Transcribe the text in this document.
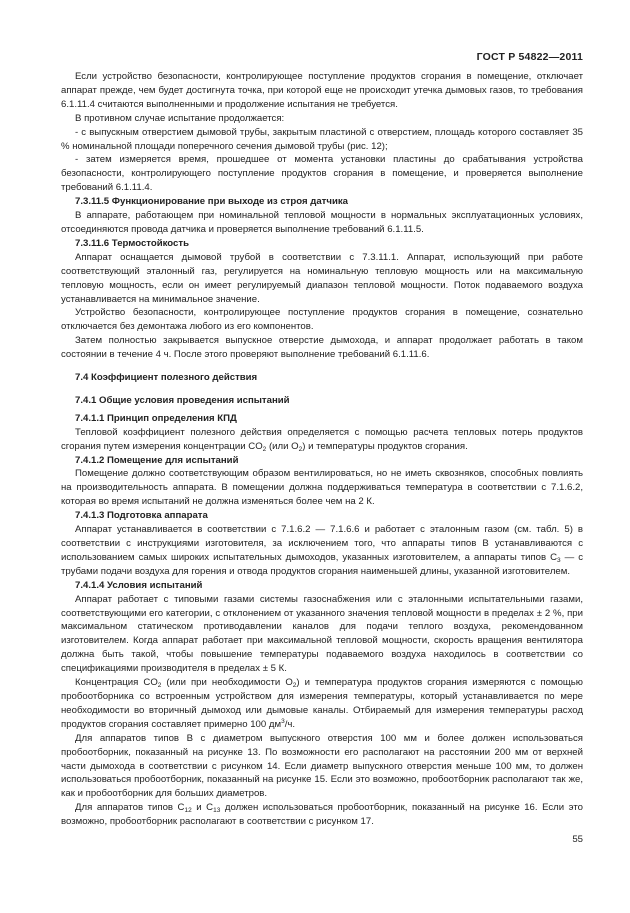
ГОСТ Р 54822—2011

Если устройство безопасности, контролирующее поступление продуктов сгорания в помещение, отключает аппарат прежде, чем будет достигнута точка, при которой еще не происходит утечка дымовых газов, то требования 6.1.11.4 считаются выполненными и продолжение испытания не требуется.

В противном случае испытание продолжается:

- с выпускным отверстием дымовой трубы, закрытым пластиной с отверстием, площадь которого составляет 35 % номинальной площади поперечного сечения дымовой трубы (рис. 12);

- затем измеряется время, прошедшее от момента установки пластины до срабатывания устройства безопасности, контролирующего поступление продуктов сгорания в помещение, и проверяется выполнение требований 6.1.11.4.

7.3.11.5 Функционирование при выходе из строя датчика

В аппарате, работающем при номинальной тепловой мощности в нормальных эксплуатационных условиях, отсоединяются провода датчика и проверяется выполнение требований 6.1.11.5.

7.3.11.6 Термостойкость

Аппарат оснащается дымовой трубой в соответствии с 7.3.11.1. Аппарат, использующий при работе соответствующий эталонный газ, регулируется на номинальную тепловую мощность или на максимальную тепловую мощность, если он имеет регулируемый диапазон тепловой мощности. Поток подаваемого воздуха устанавливается на минимальное значение.

Устройство безопасности, контролирующее поступление продуктов сгорания в помещение, сознательно отключается без демонтажа любого из его компонентов.

Затем полностью закрывается выпускное отверстие дымохода, и аппарат продолжает работать в таком состоянии в течение 4 ч. После этого проверяют выполнение требований 6.1.11.6.

7.4 Коэффициент полезного действия

7.4.1 Общие условия проведения испытаний

7.4.1.1 Принцип определения КПД

Тепловой коэффициент полезного действия определяется с помощью расчета тепловых потерь продуктов сгорания путем измерения концентрации $CO_2$ (или $O_2$) и температуры продуктов сгорания.

7.4.1.2 Помещение для испытаний

Помещение должно соответствующим образом вентилироваться, но не иметь сквозняков, способных повлиять на производительность аппарата. В помещении должна поддерживаться температура в соответствии с 7.1.6.2, которая во время испытаний не должна изменяться более чем на 2 К.

7.4.1.3 Подготовка аппарата

Аппарат устанавливается в соответствии с 7.1.6.2 — 7.1.6.6 и работает с эталонным газом (см. табл. 5) в соответствии с инструкциями изготовителя, за исключением того, что аппараты типов B устанавливаются с использованием самых широких испытательных дымоходов, указанных изготовителем, а аппараты типов $C_3$ — с трубами подачи воздуха для горения и отвода продуктов сгорания наименьшей длины, указанной изготовителем.

7.4.1.4 Условия испытаний

Аппарат работает с типовыми газами системы газоснабжения или с эталонными испытательными газами, соответствующими его категории, с отклонением от указанного значения тепловой мощности в пределах ± 2 %, при максимальном статическом противодавлении каналов для подачи теплого воздуха, рекомендованном изготовителем. Когда аппарат работает при максимальной тепловой мощности, скорость вращения вентилятора должна быть такой, чтобы повышение температуры подаваемого воздуха находилось в соответствии со спецификациями производителя в пределах ± 5 К.

Концентрация $CO_2$ (или при необходимости $O_2$) и температура продуктов сгорания измеряются с помощью пробоотборника со встроенным устройством для измерения температуры, который устанавливается по мере необходимости во вторичный дымоход или дымовые каналы. Отбираемый для измерения температуры расход продуктов сгорания составляет примерно 100 $дм^3/ч$.

Для аппаратов типов B с диаметром выпускного отверстия 100 мм и более должен использоваться пробоотборник, показанный на рисунке 13. По возможности его располагают на расстоянии 200 мм от верхней части дымохода в соответствии с рисунком 14. Если диаметр выпускного отверстия меньше 100 мм, то должен использоваться пробоотборник, показанный на рисунке 15. Если это возможно, пробоотборник располагают так же, как и пробоотборник для больших диаметров.

Для аппаратов типов $C_{12}$ и $C_{13}$ должен использоваться пробоотборник, показанный на рисунке 16. Если это возможно, пробоотборник располагают в соответствии с рисунком 17.

55
